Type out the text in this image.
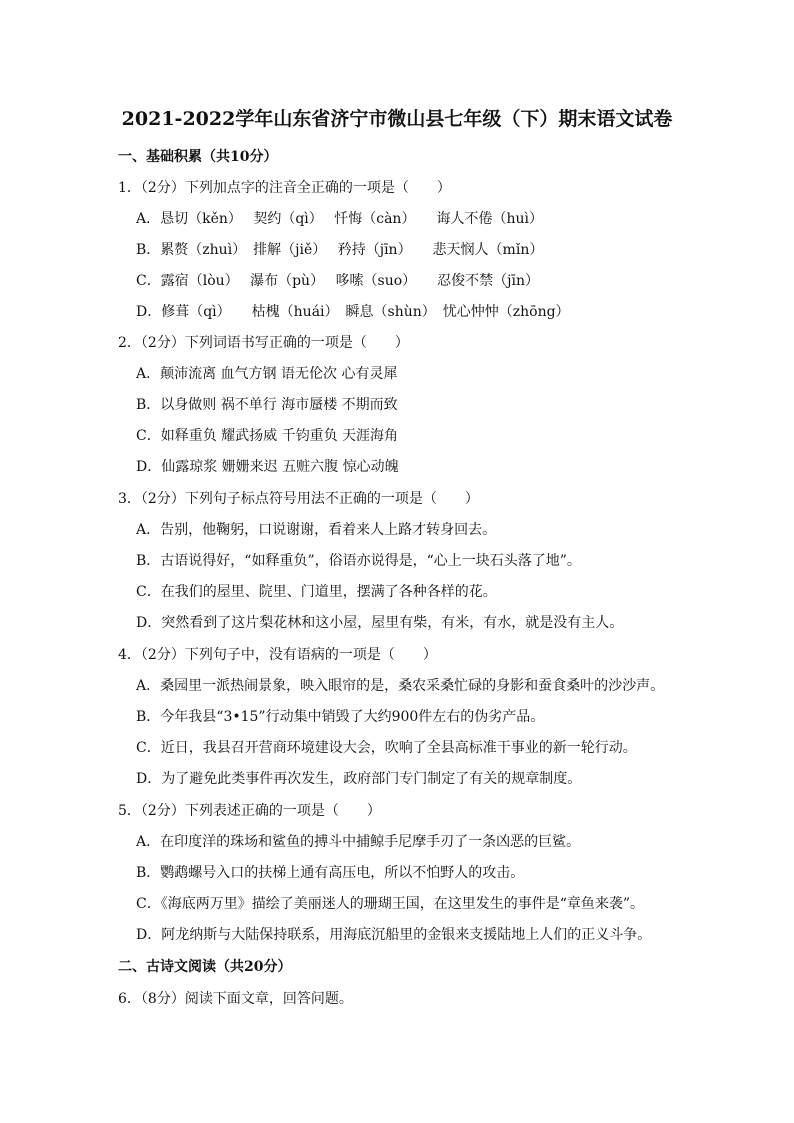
2021-2022学年山东省济宁市微山县七年级（下）期末语文试卷
一、基础积累（共10分）
1．（2分）下列加点字的注音全正确的一项是（　　）
A．恳切（kěn）　 契约（qì）　 忏悔（càn）　　诲人不倦（huì）
B．累赘（zhuì）　排解（jiě）　 矜持（jīn）　　悲天悯人（mǐn）
C．露宿（lòu）　 瀑布（pù）　 哆嗦（suo）　　忍俊不禁（jīn）
D．修葺（qì）　　枯槐（huái）　瞬息（shùn）　忧心忡忡（zhōng）
2．（2分）下列词语书写正确的一项是（　　）
A．颠沛流离 血气方钢 语无伦次 心有灵犀
B．以身做则 祸不单行 海市蜃楼 不期而致
C．如释重负 耀武扬威 千钧重负 天涯海角
D．仙露琼浆 姗姗来迟 五赃六腹 惊心动魄
3．（2分）下列句子标点符号用法不正确的一项是（　　）
A．告别，他鞠躬，口说谢谢，看着来人上路才转身回去。
B．古语说得好，“如释重负”，俗语亦说得是，“心上一块石头落了地”。
C．在我们的屋里、院里、门道里，摆满了各种各样的花。
D．突然看到了这片梨花林和这小屋，屋里有柴，有米，有水，就是没有主人。
4．（2分）下列句子中，没有语病的一项是（　　）
A．桑园里一派热闹景象，映入眼帘的是，桑农采桑忙碌的身影和蚕食桑叶的沙沙声。
B．今年我县“3•15”行动集中销毁了大约900件左右的伪劣产品。
C．近日，我县召开营商环境建设大会，吹响了全县高标准干事业的新一轮行动。
D．为了避免此类事件再次发生，政府部门专门制定了有关的规章制度。
5．（2分）下列表述正确的一项是（　　）
A．在印度洋的珠场和鲨鱼的搏斗中捕鲸手尼摩手刃了一条凶恶的巨鲨。
B．鹦鹉螺号入口的扶梯上通有高压电，所以不怕野人的攻击。
C．《海底两万里》描绘了美丽迷人的珊瑚王国，在这里发生的事件是“章鱼来袭”。
D．阿龙纳斯与大陆保持联系，用海底沉船里的金银来支援陆地上人们的正义斗争。
二、古诗文阅读（共20分）
6．（8分）阅读下面文章，回答问题。
